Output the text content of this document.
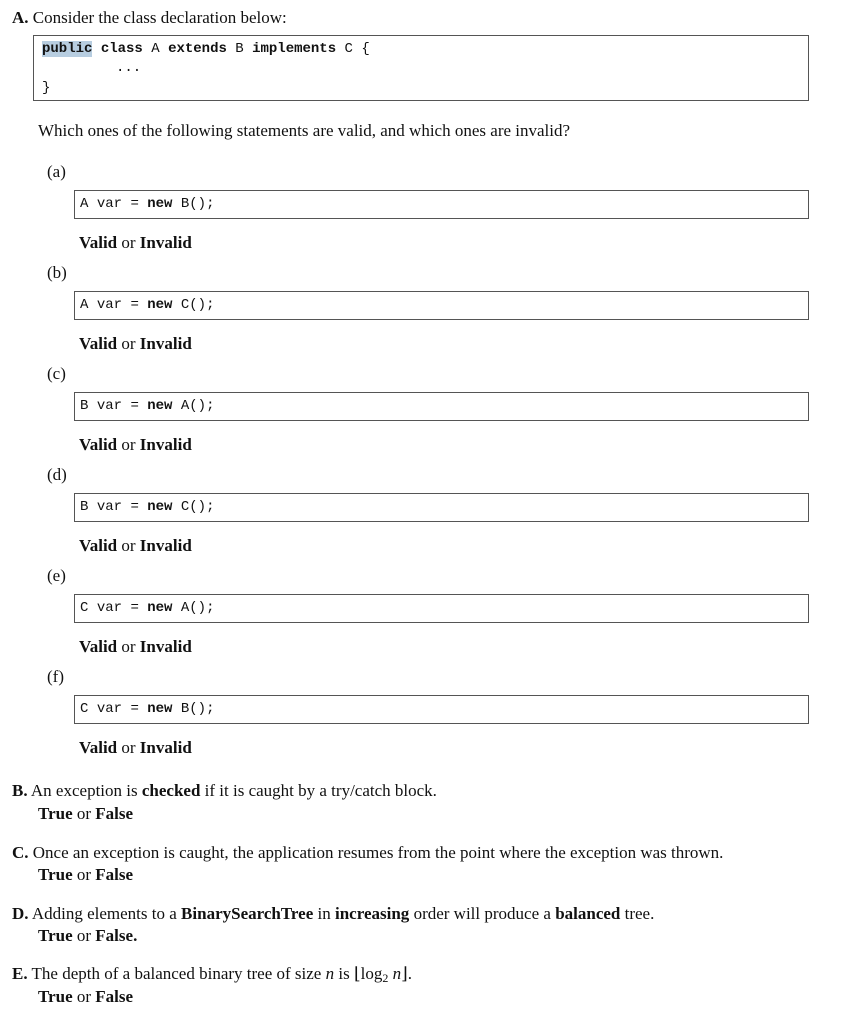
A. Consider the class declaration below:
public class A extends B implements C {
...
}
Which ones of the following statements are valid, and which ones are invalid?
(a)
A var = new B();
Valid or Invalid
(b)
A var = new C();
Valid or Invalid
(c)
B var = new A();
Valid or Invalid
(d)
B var = new C();
Valid or Invalid
(e)
C var = new A();
Valid or Invalid
(f)
C var = new B();
Valid or Invalid
B. An exception is checked if it is caught by a try/catch block.
True or False
C. Once an exception is caught, the application resumes from the point where the exception was thrown.
True or False
D. Adding elements to a BinarySearchTree in increasing order will produce a balanced tree.
True or False.
E. The depth of a balanced binary tree of size n is $⌊\log_2$ n⌋.
True or False
